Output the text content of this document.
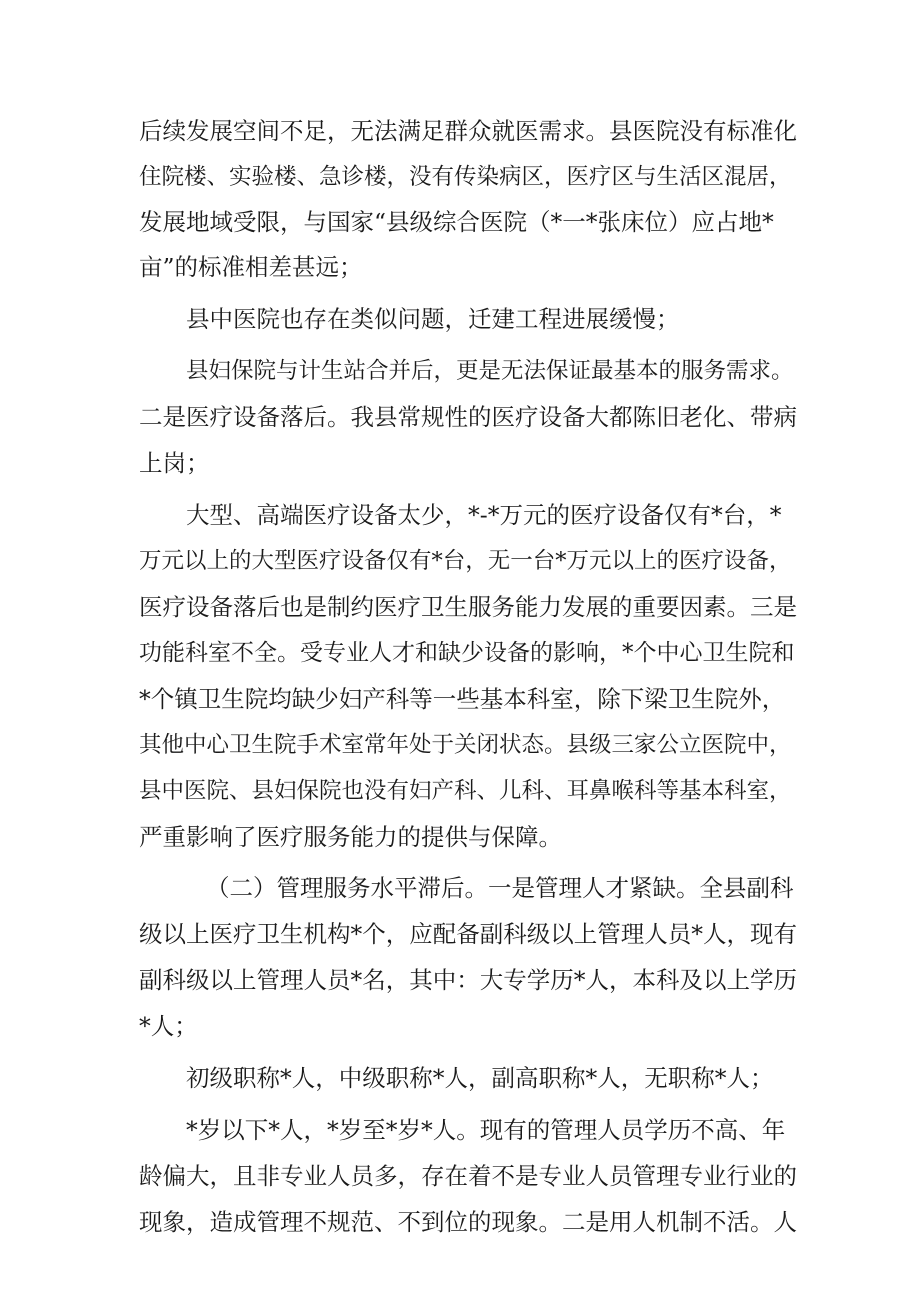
后续发展空间不足，无法满足群众就医需求。县医院没有标准化
住院楼、实验楼、急诊楼，没有传染病区，医疗区与生活区混居，
发展地域受限，与国家“县级综合医院（*一*张床位）应占地*
亩”的标准相差甚远；
县中医院也存在类似问题，迁建工程进展缓慢；
县妇保院与计生站合并后，更是无法保证最基本的服务需求。
二是医疗设备落后。我县常规性的医疗设备大都陈旧老化、带病
上岗；
大型、高端医疗设备太少，*-*万元的医疗设备仅有*台，*
万元以上的大型医疗设备仅有*台，无一台*万元以上的医疗设备，
医疗设备落后也是制约医疗卫生服务能力发展的重要因素。三是
功能科室不全。受专业人才和缺少设备的影响，*个中心卫生院和
*个镇卫生院均缺少妇产科等一些基本科室，除下梁卫生院外，
其他中心卫生院手术室常年处于关闭状态。县级三家公立医院中，
县中医院、县妇保院也没有妇产科、儿科、耳鼻喉科等基本科室，
严重影响了医疗服务能力的提供与保障。
（二）管理服务水平滞后。一是管理人才紧缺。全县副科
级以上医疗卫生机构*个，应配备副科级以上管理人员*人，现有
副科级以上管理人员*名，其中：大专学历*人，本科及以上学历
*人；
初级职称*人，中级职称*人，副高职称*人，无职称*人；
*岁以下*人，*岁至*岁*人。现有的管理人员学历不高、年
龄偏大，且非专业人员多，存在着不是专业人员管理专业行业的
现象，造成管理不规范、不到位的现象。二是用人机制不活。人
